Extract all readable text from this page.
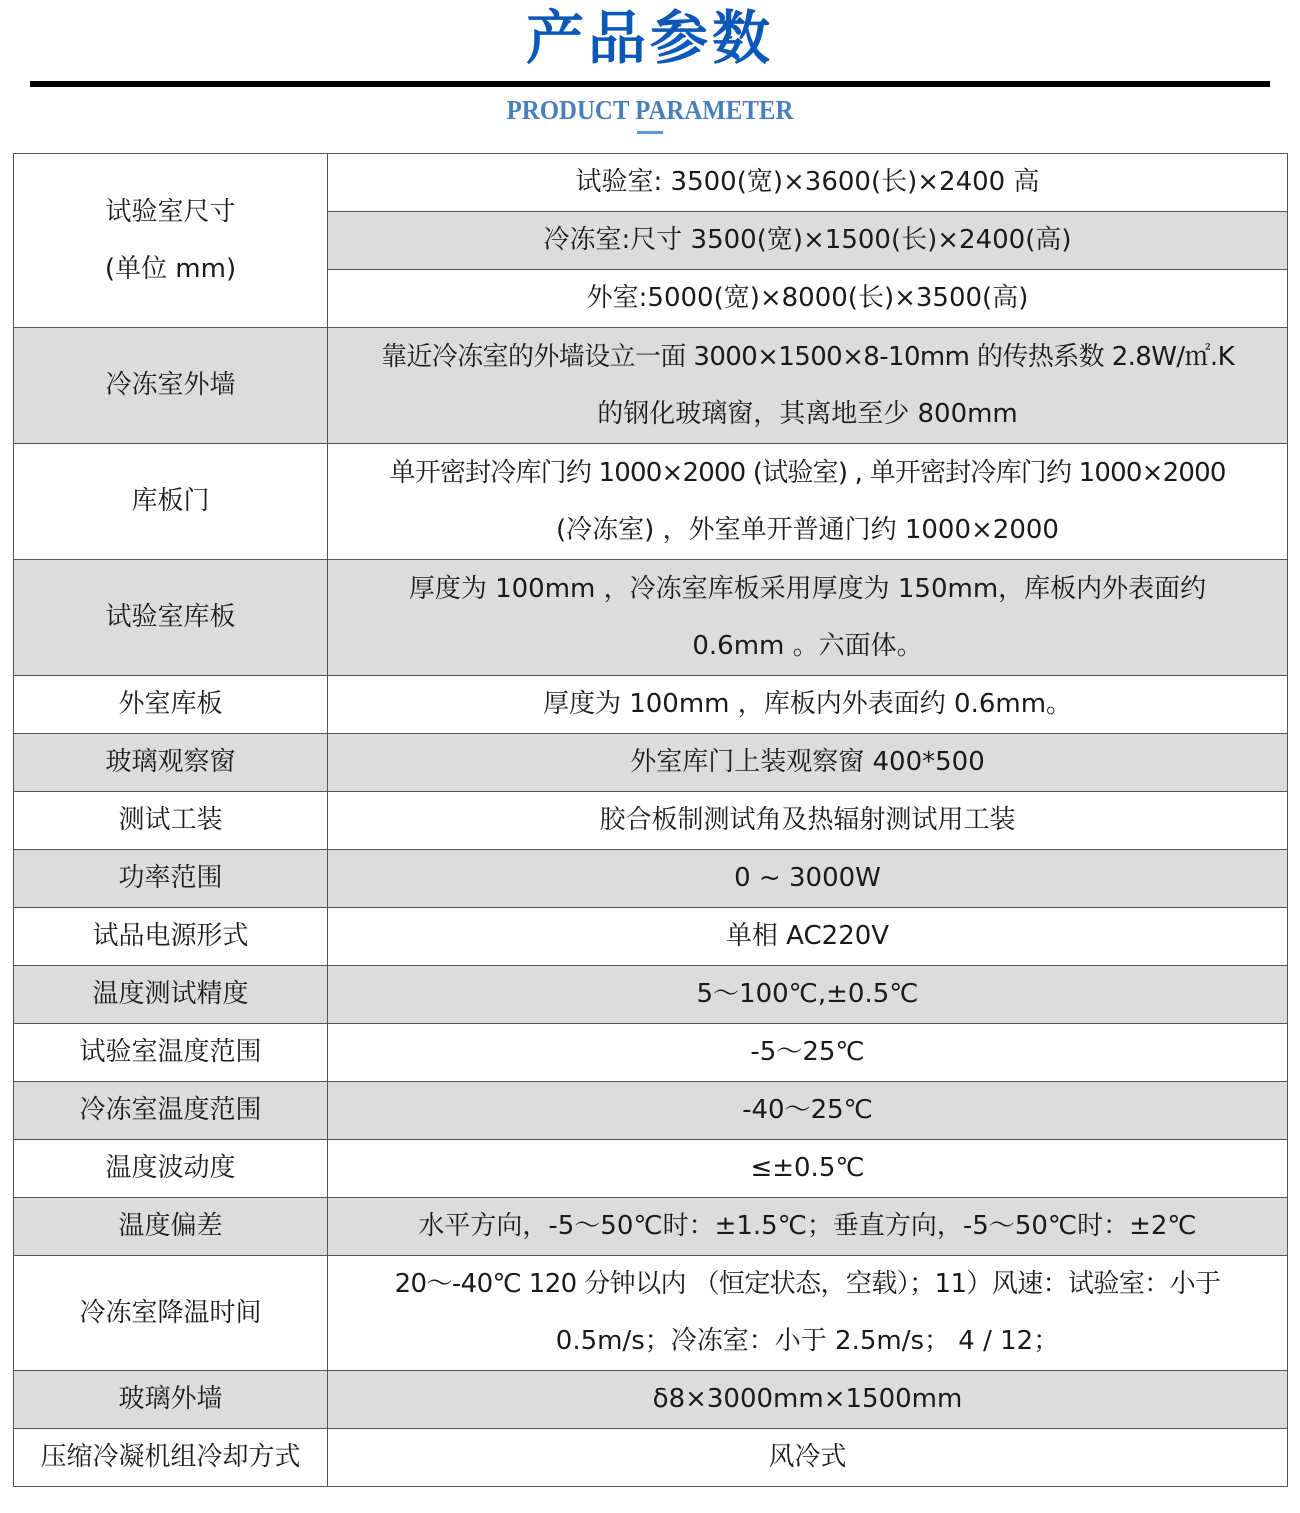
产品参数
PRODUCT PARAMETER
试验室尺寸
(单位 mm)	试验室: 3500(宽)×3600(长)×2400 高
	冷冻室:尺寸 3500(宽)×1500(长)×2400(高)
	外室:5000(宽)×8000(长)×3500(高)
冷冻室外墙	靠近冷冻室的外墙设立一面 3000×1500×8-10mm 的传热系数 2.8W/㎡.K
的钢化玻璃窗，其离地至少 800mm

库板门	单开密封冷库门约 1000×2000 (试验室) , 单开密封冷库门约 1000×2000
(冷冻室) ，外室单开普通门约 1000×2000

试验室库板	厚度为 100mm ，冷冻室库板采用厚度为 150mm，库板内外表面约
0.6mm 。六面体。

外室库板	厚度为 100mm ，库板内外表面约 0.6mm。
玻璃观察窗	外室库门上装观察窗 400*500
测试工装	胶合板制测试角及热辐射测试用工装
功率范围	0 ~ 3000W
试品电源形式	单相 AC220V
温度测试精度	5～100℃,±0.5℃
试验室温度范围	-5～25℃
冷冻室温度范围	-40～25℃
温度波动度	≤±0.5℃
温度偏差	水平方向，-5～50℃时：±1.5℃；垂直方向，-5～50℃时：±2℃
冷冻室降温时间	20～-40℃ 120 分钟以内 （恒定状态，空载）；11）风速：试验室：小于
0.5m/s；冷冻室：小于 2.5m/s； 4 / 12；

玻璃外墙	δ8×3000mm×1500mm
压缩冷凝机组冷却方式	风冷式
